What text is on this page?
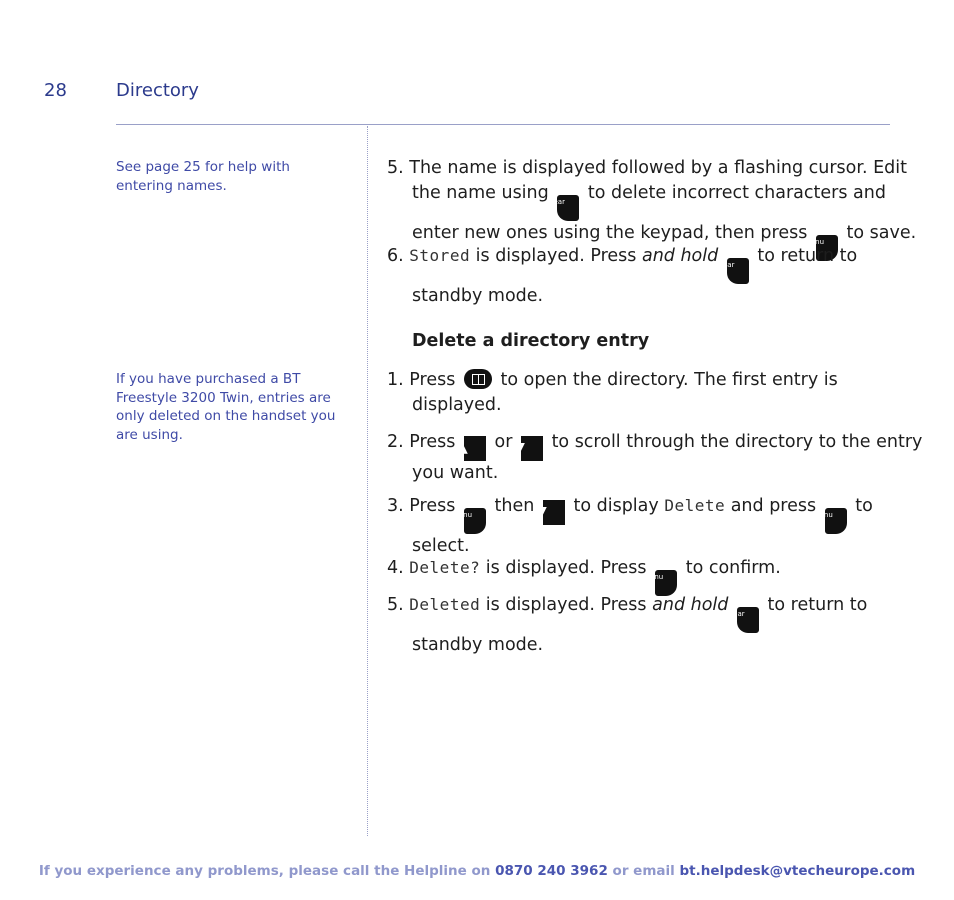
28	Directory
See page 25 for help with entering names.
If you have purchased a BT Freestyle 3200 Twin, entries are only deleted on the handset you are using.
5. The name is displayed followed by a flashing cursor. Edit
the name using
Clear	to delete incorrect characters and
enter new ones using the keypad, then press
Menu	to save.
6. Stored is displayed. Press and hold
Clear	to return to
standby mode.
Delete a directory entry
1. Press	to open the directory. The first entry is
displayed.
2. Press ▲ or ▼ to scroll through the directory to the entry
you want.
3. Press
Menu	then ▼ to display Delete and press
Menu	to
select.
4. Delete? is displayed. Press
Menu	to confirm.
5. Deleted is displayed. Press and hold
Clear	to return to
standby mode.
If you experience any problems, please call the Helpline on 0870 240 3962 or email bt.helpdesk@vtecheurope.com
